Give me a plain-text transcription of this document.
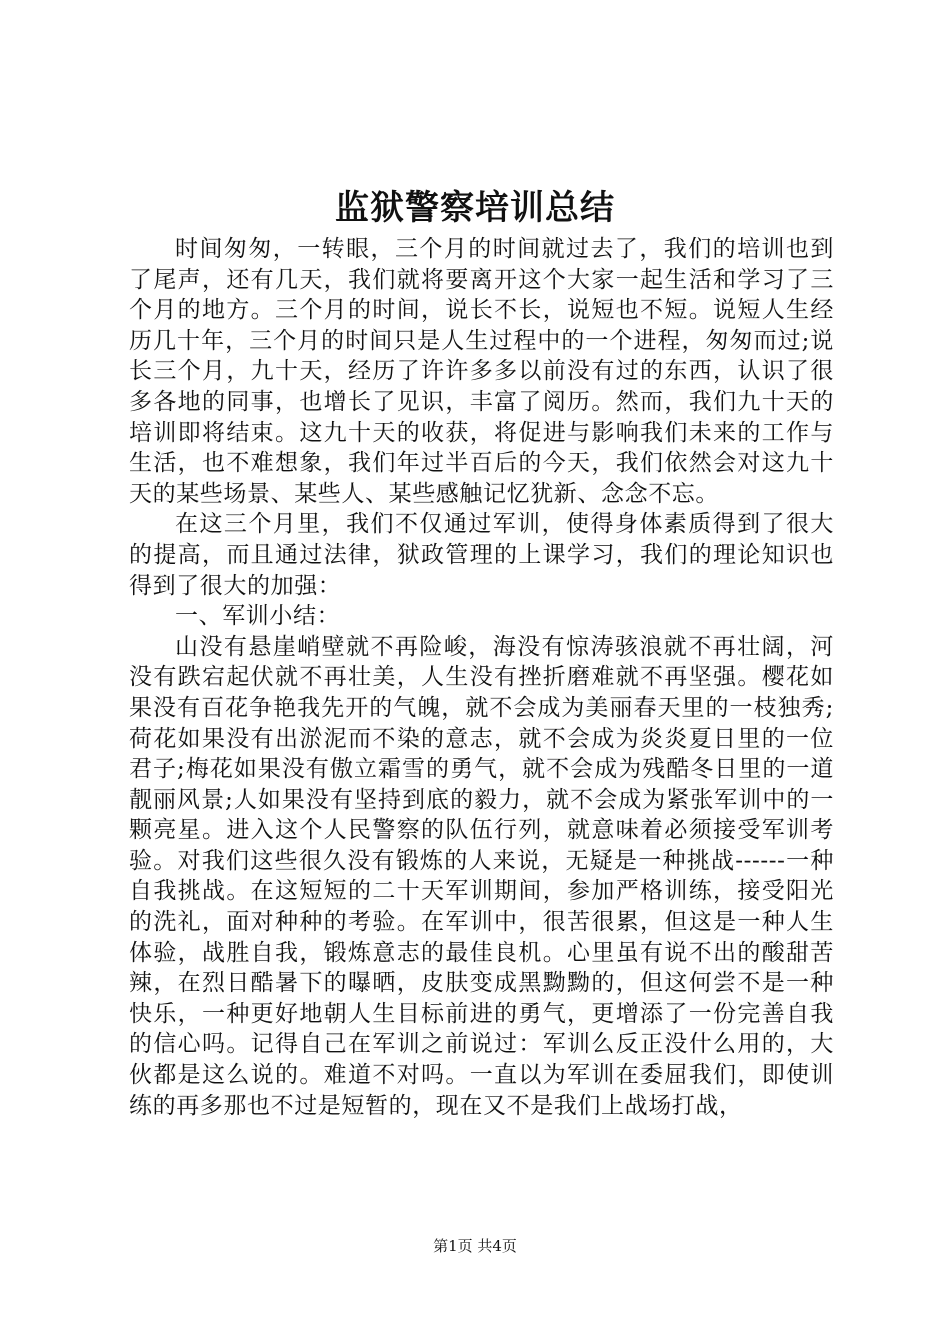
监狱警察培训总结

时间匆匆，一转眼，三个月的时间就过去了，我们的培训也到了尾声，还有几天，我们就将要离开这个大家一起生活和学习了三个月的地方。三个月的时间，说长不长，说短也不短。说短人生经历几十年，三个月的时间只是人生过程中的一个进程，匆匆而过;说长三个月，九十天，经历了许许多多以前没有过的东西，认识了很多各地的同事，也增长了见识，丰富了阅历。然而，我们九十天的培训即将结束。这九十天的收获，将促进与影响我们未来的工作与生活，也不难想象，我们年过半百后的今天，我们依然会对这九十天的某些场景、某些人、某些感触记忆犹新、念念不忘。

在这三个月里，我们不仅通过军训，使得身体素质得到了很大的提高，而且通过法律，狱政管理的上课学习，我们的理论知识也得到了很大的加强：

一、军训小结：

山没有悬崖峭壁就不再险峻，海没有惊涛骇浪就不再壮阔，河没有跌宕起伏就不再壮美，人生没有挫折磨难就不再坚强。樱花如果没有百花争艳我先开的气魄，就不会成为美丽春天里的一枝独秀;荷花如果没有出淤泥而不染的意志，就不会成为炎炎夏日里的一位君子;梅花如果没有傲立霜雪的勇气，就不会成为残酷冬日里的一道靓丽风景;人如果没有坚持到底的毅力，就不会成为紧张军训中的一颗亮星。进入这个人民警察的队伍行列，就意味着必须接受军训考验。对我们这些很久没有锻炼的人来说，无疑是一种挑战------一种自我挑战。在这短短的二十天军训期间，参加严格训练，接受阳光的洗礼，面对种种的考验。在军训中，很苦很累，但这是一种人生体验，战胜自我，锻炼意志的最佳良机。心里虽有说不出的酸甜苦辣，在烈日酷暑下的曝晒，皮肤变成黑黝黝的，但这何尝不是一种快乐，一种更好地朝人生目标前进的勇气，更增添了一份完善自我的信心吗。记得自己在军训之前说过：军训么反正没什么用的，大伙都是这么说的。难道不对吗。一直以为军训在委屈我们，即使训练的再多那也不过是短暂的，现在又不是我们上战场打战，

第1页 共4页
